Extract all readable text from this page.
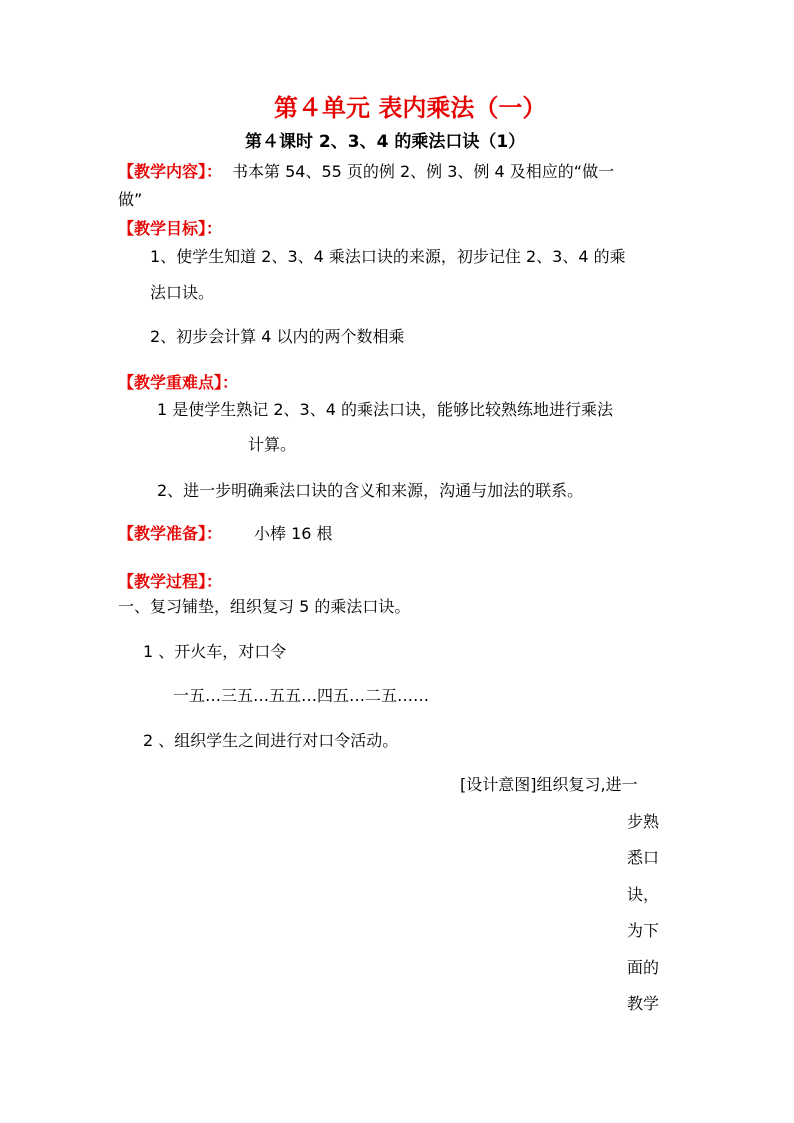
第４单元 表内乘法（一）
第４课时 2、3、4 的乘法口诀（1）
【教学内容】： 书本第 54、55 页的例 2、例 3、例 4 及相应的“做一
做”
【教学目标】：
1、使学生知道 2、3、4 乘法口诀的来源，初步记住 2、3、4 的乘
法口诀。
2、初步会计算 4 以内的两个数相乘
【教学重难点】：
1 是使学生熟记 2、3、4 的乘法口诀，能够比较熟练地进行乘法
计算。
2、进一步明确乘法口诀的含义和来源，沟通与加法的联系。
【教学准备】： 小棒 16 根
【教学过程】：
一、复习铺垫，组织复习 5 的乘法口诀。
1 、开火车，对口令
一五…三五…五五…四五…二五……
2 、组织学生之间进行对口令活动。
[设计意图]组织复习,进一
步熟
悉口
诀，
为下
面的
教学
